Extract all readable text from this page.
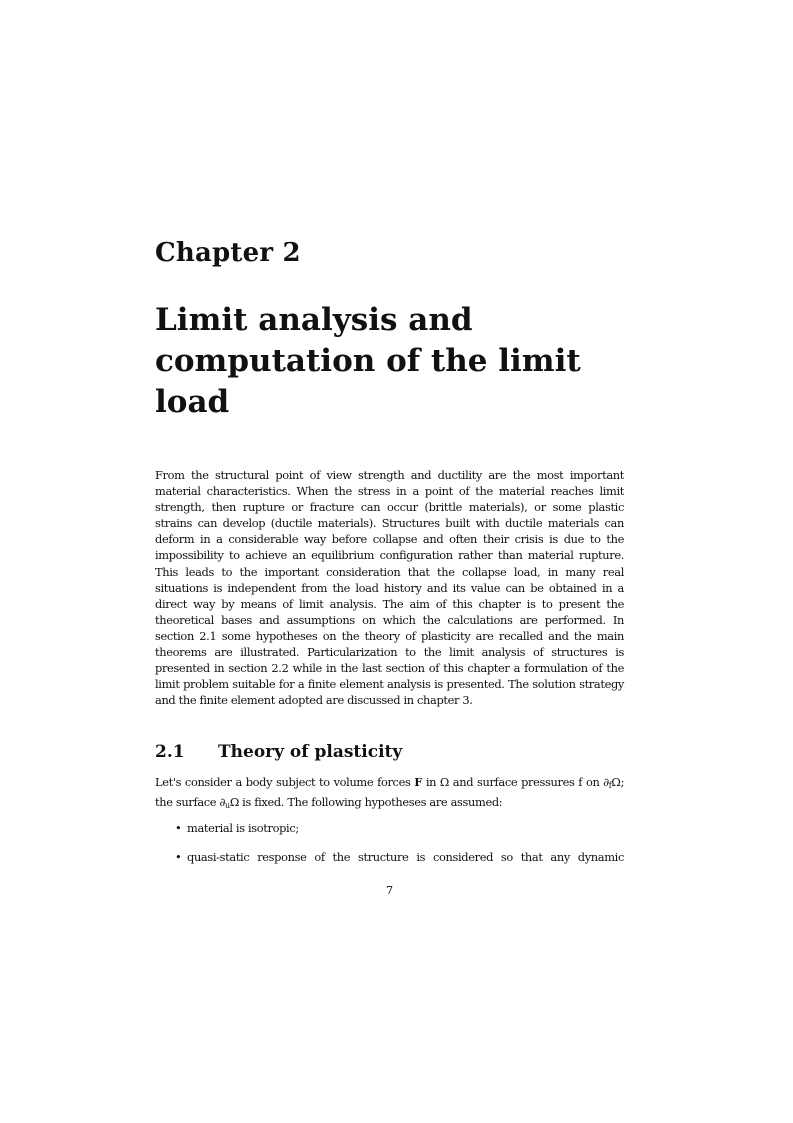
Chapter 2
Limit analysis and computation of the limit load

From the structural point of view strength and ductility are the most important material characteristics. When the stress in a point of the material reaches limit strength, then rupture or fracture can occur (brittle materials), or some plastic strains can develop (ductile materials). Structures built with ductile materials can deform in a considerable way before collapse and often their crisis is due to the impossibility to achieve an equilibrium configuration rather than material rupture. This leads to the important consideration that the collapse load, in many real situations is independent from the load history and its value can be obtained in a direct way by means of limit analysis. The aim of this chapter is to present the theoretical bases and assumptions on which the calculations are performed. In section 2.1 some hypotheses on the theory of plasticity are recalled and the main theorems are illustrated. Particularization to the limit analysis of structures is presented in section 2.2 while in the last section of this chapter a formulation of the limit problem suitable for a finite element analysis is presented. The solution strategy and the finite element adopted are discussed in chapter 3.

2.1 Theory of plasticity

Let's consider a body subject to volume forces F in Ω and surface pressures f on $\partial_f\Omega$; the surface $\partial_u\Omega$ is fixed. The following hypotheses are assumed:

• material is isotropic;
• quasi-static response of the structure is considered so that any dynamic

7
